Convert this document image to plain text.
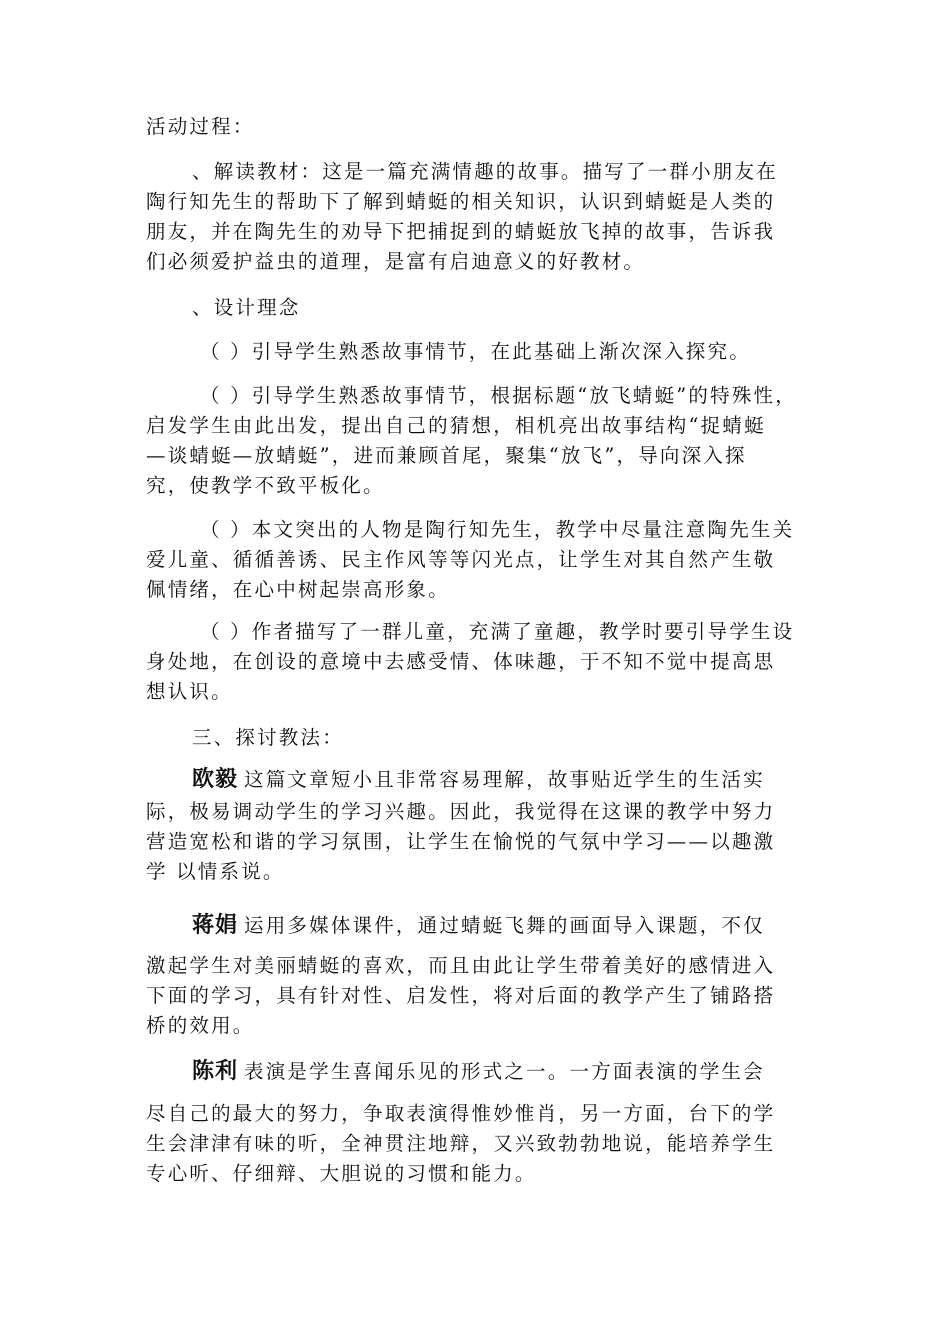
活动过程：
、解读教材：这是一篇充满情趣的故事。描写了一群小朋友在
陶行知先生的帮助下了解到蜻蜓的相关知识，认识到蜻蜓是人类的
朋友，并在陶先生的劝导下把捕捉到的蜻蜓放飞掉的故事，告诉我
们必须爱护益虫的道理，是富有启迪意义的好教材。
、设计理念
（ ）引导学生熟悉故事情节，在此基础上渐次深入探究。
（ ）引导学生熟悉故事情节，根据标题“放飞蜻蜓”的特殊性，
启发学生由此出发，提出自己的猜想，相机亮出故事结构“捉蜻蜓
—谈蜻蜓—放蜻蜓”，进而兼顾首尾，聚集“放飞”，导向深入探
究，使教学不致平板化。
（ ）本文突出的人物是陶行知先生，教学中尽量注意陶先生关
爱儿童、循循善诱、民主作风等等闪光点，让学生对其自然产生敬
佩情绪，在心中树起崇高形象。
（ ）作者描写了一群儿童，充满了童趣，教学时要引导学生设
身处地，在创设的意境中去感受情、体味趣，于不知不觉中提高思
想认识。
三、探讨教法：
欧毅 这篇文章短小且非常容易理解，故事贴近学生的生活实
际，极易调动学生的学习兴趣。因此，我觉得在这课的教学中努力
营造宽松和谐的学习氛围，让学生在愉悦的气氛中学习——以趣激
学 以情系说。
蒋娟 运用多媒体课件，通过蜻蜓飞舞的画面导入课题，不仅
激起学生对美丽蜻蜓的喜欢，而且由此让学生带着美好的感情进入
下面的学习，具有针对性、启发性，将对后面的教学产生了铺路搭
桥的效用。
陈利 表演是学生喜闻乐见的形式之一。一方面表演的学生会
尽自己的最大的努力，争取表演得惟妙惟肖，另一方面，台下的学
生会津津有味的听，全神贯注地辩，又兴致勃勃地说，能培养学生
专心听、仔细辩、大胆说的习惯和能力。
